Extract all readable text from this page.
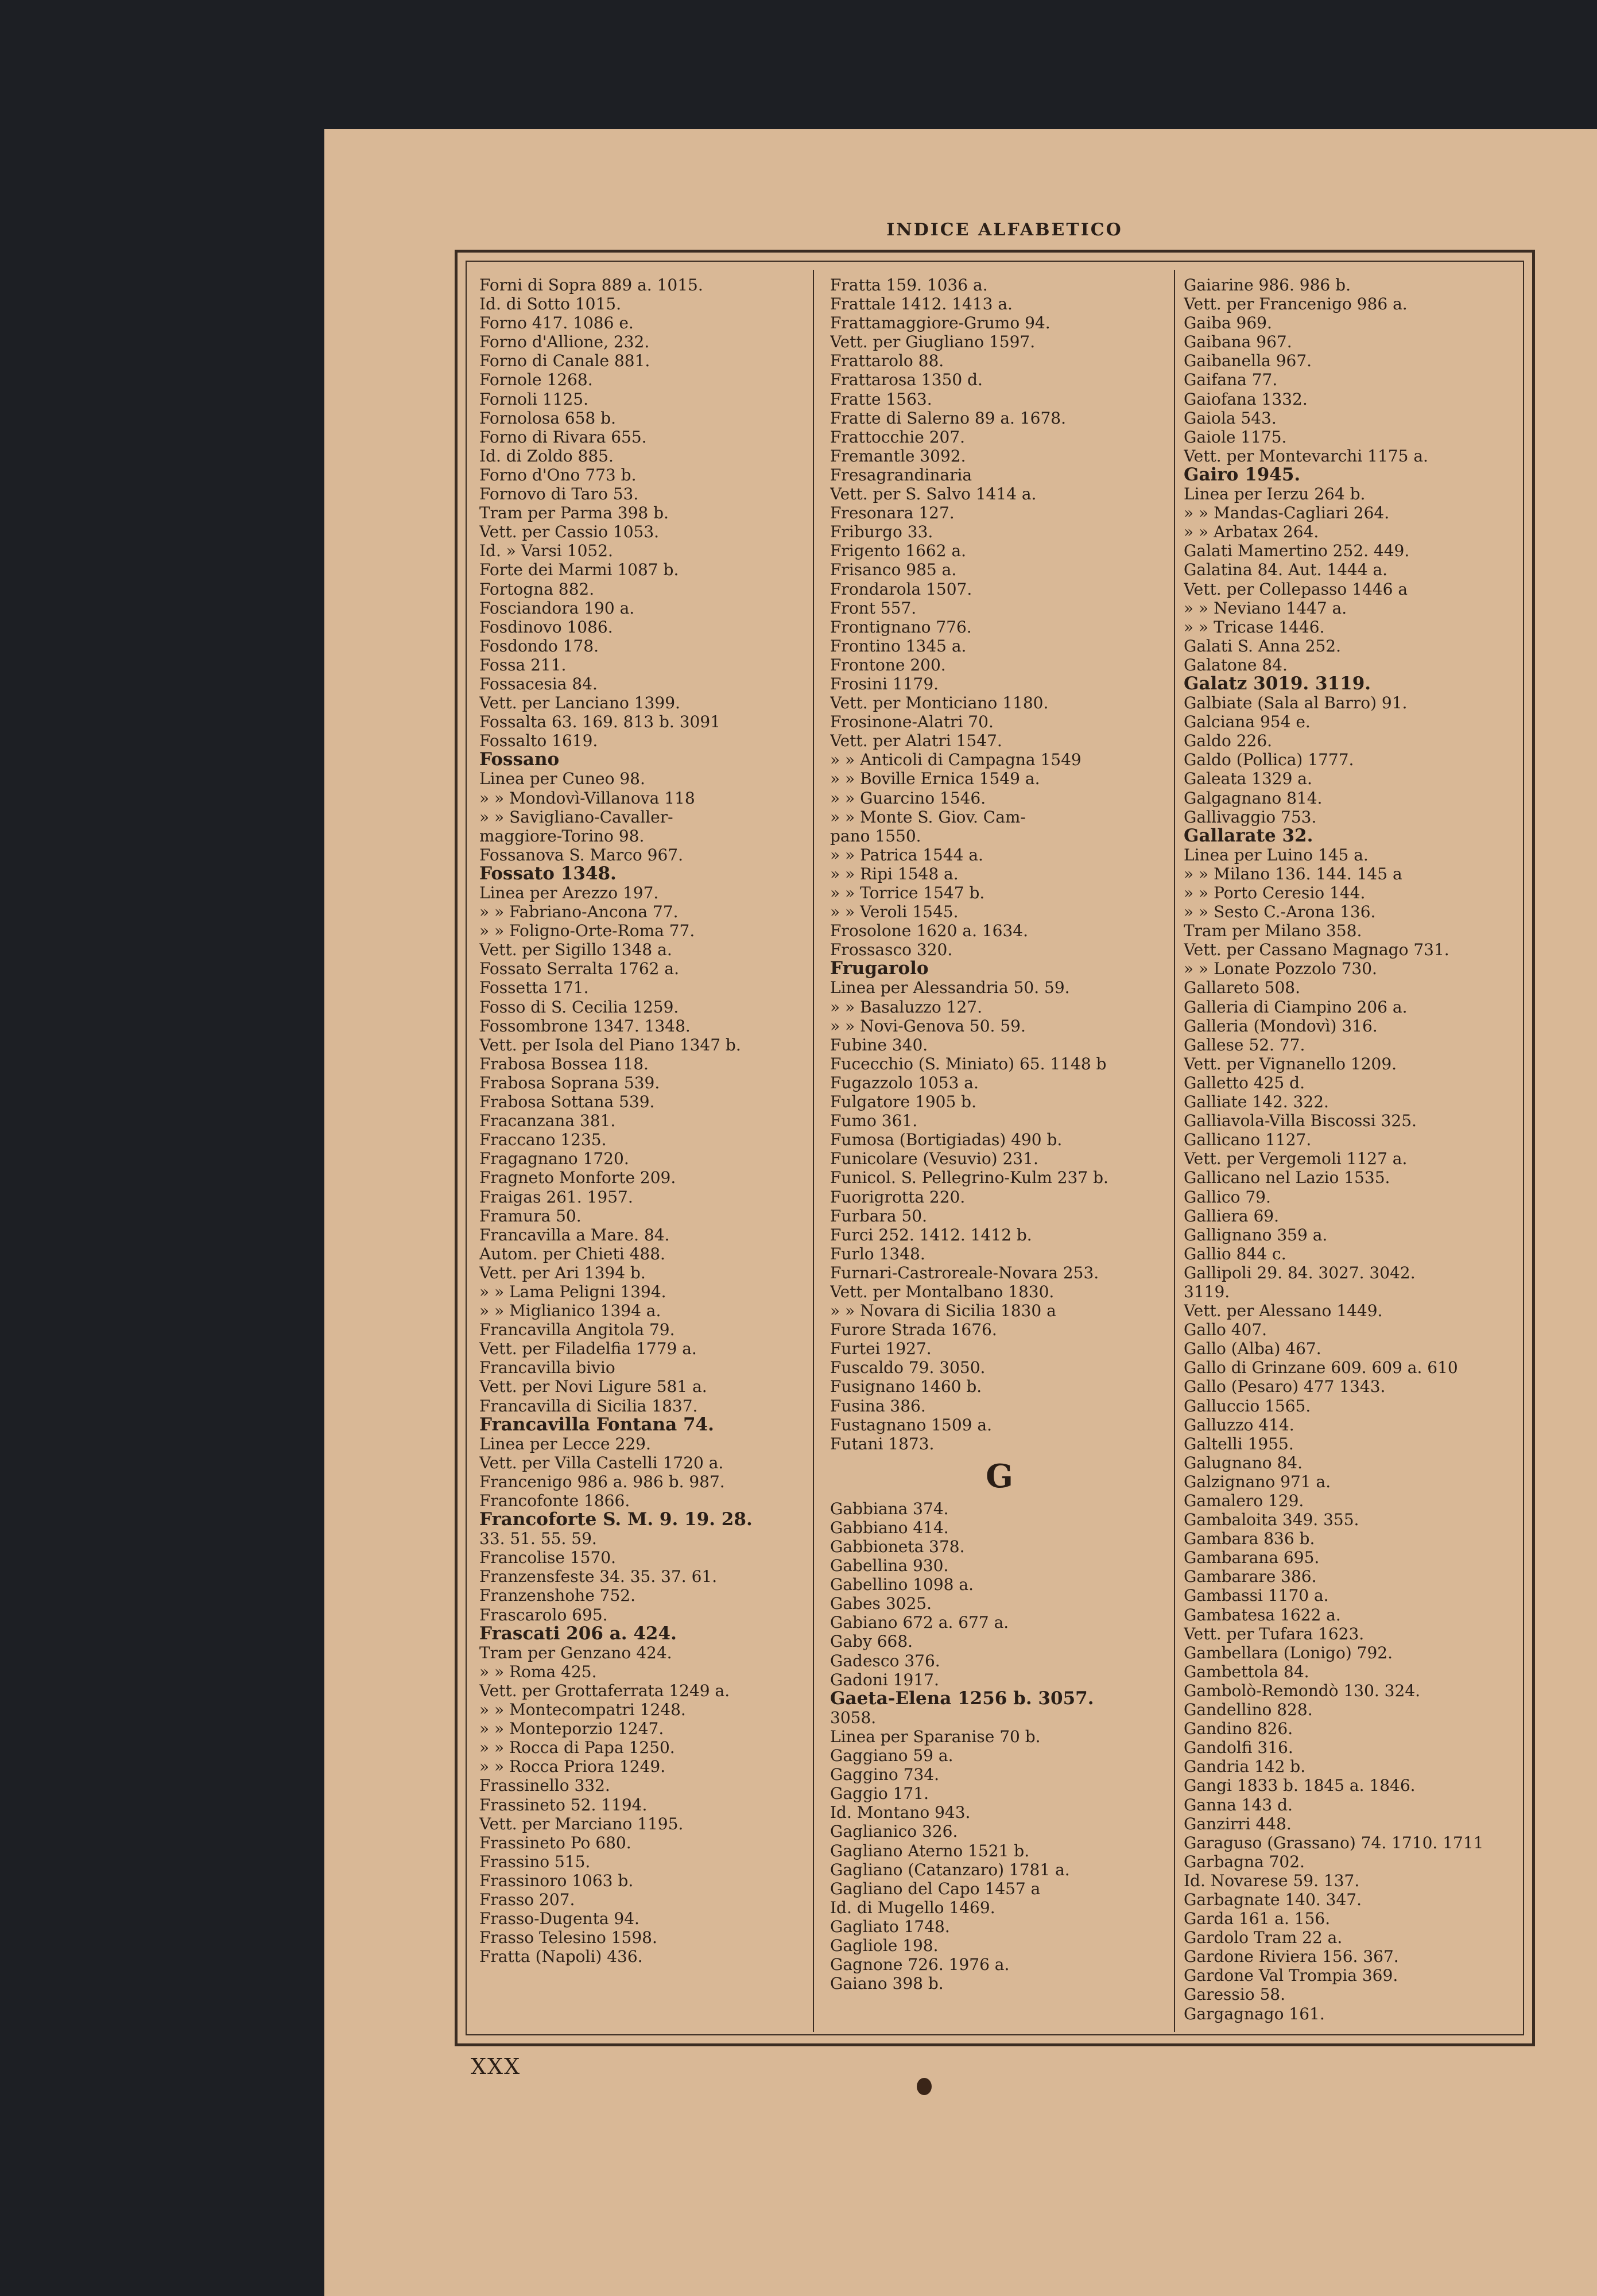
INDICE ALFABETICO
Forni di Sopra 889 a. 1015.
Id. di Sotto 1015.
Forno 417. 1086 e.
Forno d'Allione, 232.
Forno di Canale 881.
Fornole 1268.
Fornoli 1125.
Fornolosa 658 b.
Forno di Rivara 655.
Id. di Zoldo 885.
Forno d'Ono 773 b.
Fornovo di Taro 53.
Tram per Parma 398 b.
Vett. per Cassio 1053.
Id. » Varsi 1052.
Forte dei Marmi 1087 b.
Fortogna 882.
Fosciandora 190 a.
Fosdinovo 1086.
Fosdondo 178.
Fossa 211.
Fossacesia 84.
Vett. per Lanciano 1399.
Fossalta 63. 169. 813 b. 3091
Fossalto 1619.
Fossano
Linea per Cuneo 98.
» » Mondovì-Villanova 118
» » Savigliano-Cavaller-
maggiore-Torino 98.
Fossanova S. Marco 967.
Fossato 1348.
Linea per Arezzo 197.
» » Fabriano-Ancona 77.
» » Foligno-Orte-Roma 77.
Vett. per Sigillo 1348 a.
Fossato Serralta 1762 a.
Fossetta 171.
Fosso di S. Cecilia 1259.
Fossombrone 1347. 1348.
Vett. per Isola del Piano 1347 b.
Frabosa Bossea 118.
Frabosa Soprana 539.
Frabosa Sottana 539.
Fracanzana 381.
Fraccano 1235.
Fragagnano 1720.
Fragneto Monforte 209.
Fraigas 261. 1957.
Framura 50.
Francavilla a Mare. 84.
Autom. per Chieti 488.
Vett. per Ari 1394 b.
» » Lama Peligni 1394.
» » Miglianico 1394 a.
Francavilla Angitola 79.
Vett. per Filadelfia 1779 a.
Francavilla bivio
Vett. per Novi Ligure 581 a.
Francavilla di Sicilia 1837.
Francavilla Fontana 74.
Linea per Lecce 229.
Vett. per Villa Castelli 1720 a.
Francenigo 986 a. 986 b. 987.
Francofonte 1866.
Francoforte S. M. 9. 19. 28.
33. 51. 55. 59.
Francolise 1570.
Franzensfeste 34. 35. 37. 61.
Franzenshohe 752.
Frascarolo 695.
Frascati 206 a. 424.
Tram per Genzano 424.
» » Roma 425.
Vett. per Grottaferrata 1249 a.
» » Montecompatri 1248.
» » Monteporzio 1247.
» » Rocca di Papa 1250.
» » Rocca Priora 1249.
Frassinello 332.
Frassineto 52. 1194.
Vett. per Marciano 1195.
Frassineto Po 680.
Frassino 515.
Frassinoro 1063 b.
Frasso 207.
Frasso-Dugenta 94.
Frasso Telesino 1598.
Fratta (Napoli) 436.
Fratta 159. 1036 a.
Frattale 1412. 1413 a.
Frattamaggiore-Grumo 94.
Vett. per Giugliano 1597.
Frattarolo 88.
Frattarosa 1350 d.
Fratte 1563.
Fratte di Salerno 89 a. 1678.
Frattocchie 207.
Fremantle 3092.
Fresagrandinaria
Vett. per S. Salvo 1414 a.
Fresonara 127.
Friburgo 33.
Frigento 1662 a.
Frisanco 985 a.
Frondarola 1507.
Front 557.
Frontignano 776.
Frontino 1345 a.
Frontone 200.
Frosini 1179.
Vett. per Monticiano 1180.
Frosinone-Alatri 70.
Vett. per Alatri 1547.
» » Anticoli di Campagna 1549
» » Boville Ernica 1549 a.
» » Guarcino 1546.
» » Monte S. Giov. Cam-
pano 1550.
» » Patrica 1544 a.
» » Ripi 1548 a.
» » Torrice 1547 b.
» » Veroli 1545.
Frosolone 1620 a. 1634.
Frossasco 320.
Frugarolo
Linea per Alessandria 50. 59.
» » Basaluzzo 127.
» » Novi-Genova 50. 59.
Fubine 340.
Fucecchio (S. Miniato) 65. 1148 b
Fugazzolo 1053 a.
Fulgatore 1905 b.
Fumo 361.
Fumosa (Bortigiadas) 490 b.
Funicolare (Vesuvio) 231.
Funicol. S. Pellegrino-Kulm 237 b.
Fuorigrotta 220.
Furbara 50.
Furci 252. 1412. 1412 b.
Furlo 1348.
Furnari-Castroreale-Novara 253.
Vett. per Montalbano 1830.
» » Novara di Sicilia 1830 a
Furore Strada 1676.
Furtei 1927.
Fuscaldo 79. 3050.
Fusignano 1460 b.
Fusina 386.
Fustagnano 1509 a.
Futani 1873.
G
Gabbiana 374.
Gabbiano 414.
Gabbioneta 378.
Gabellina 930.
Gabellino 1098 a.
Gabes 3025.
Gabiano 672 a. 677 a.
Gaby 668.
Gadesco 376.
Gadoni 1917.
Gaeta-Elena 1256 b. 3057.
3058.
Linea per Sparanise 70 b.
Gaggiano 59 a.
Gaggino 734.
Gaggio 171.
Id. Montano 943.
Gaglianico 326.
Gagliano Aterno 1521 b.
Gagliano (Catanzaro) 1781 a.
Gagliano del Capo 1457 a
Id. di Mugello 1469.
Gagliato 1748.
Gagliole 198.
Gagnone 726. 1976 a.
Gaiano 398 b.
Gaiarine 986. 986 b.
Vett. per Francenigo 986 a.
Gaiba 969.
Gaibana 967.
Gaibanella 967.
Gaifana 77.
Gaiofana 1332.
Gaiola 543.
Gaiole 1175.
Vett. per Montevarchi 1175 a.
Gairo 1945.
Linea per Ierzu 264 b.
» » Mandas-Cagliari 264.
» » Arbatax 264.
Galati Mamertino 252. 449.
Galatina 84. Aut. 1444 a.
Vett. per Collepasso 1446 a
» » Neviano 1447 a.
» » Tricase 1446.
Galati S. Anna 252.
Galatone 84.
Galatz 3019. 3119.
Galbiate (Sala al Barro) 91.
Galciana 954 e.
Galdo 226.
Galdo (Pollica) 1777.
Galeata 1329 a.
Galgagnano 814.
Gallivaggio 753.
Gallarate 32.
Linea per Luino 145 a.
» » Milano 136. 144. 145 a
» » Porto Ceresio 144.
» » Sesto C.-Arona 136.
Tram per Milano 358.
Vett. per Cassano Magnago 731.
» » Lonate Pozzolo 730.
Gallareto 508.
Galleria di Ciampino 206 a.
Galleria (Mondovì) 316.
Gallese 52. 77.
Vett. per Vignanello 1209.
Galletto 425 d.
Galliate 142. 322.
Galliavola-Villa Biscossi 325.
Gallicano 1127.
Vett. per Vergemoli 1127 a.
Gallicano nel Lazio 1535.
Gallico 79.
Galliera 69.
Gallignano 359 a.
Gallio 844 c.
Gallipoli 29. 84. 3027. 3042.
3119.
Vett. per Alessano 1449.
Gallo 407.
Gallo (Alba) 467.
Gallo di Grinzane 609. 609 a. 610
Gallo (Pesaro) 477 1343.
Galluccio 1565.
Galluzzo 414.
Galtelli 1955.
Galugnano 84.
Galzignano 971 a.
Gamalero 129.
Gambaloita 349. 355.
Gambara 836 b.
Gambarana 695.
Gambarare 386.
Gambassi 1170 a.
Gambatesa 1622 a.
Vett. per Tufara 1623.
Gambellara (Lonigo) 792.
Gambettola 84.
Gambolò-Remondò 130. 324.
Gandellino 828.
Gandino 826.
Gandolfi 316.
Gandria 142 b.
Gangi 1833 b. 1845 a. 1846.
Ganna 143 d.
Ganzirri 448.
Garaguso (Grassano) 74. 1710. 1711
Garbagna 702.
Id. Novarese 59. 137.
Garbagnate 140. 347.
Garda 161 a. 156.
Gardolo Tram 22 a.
Gardone Riviera 156. 367.
Gardone Val Trompia 369.
Garessio 58.
Gargagnago 161.
XXX
